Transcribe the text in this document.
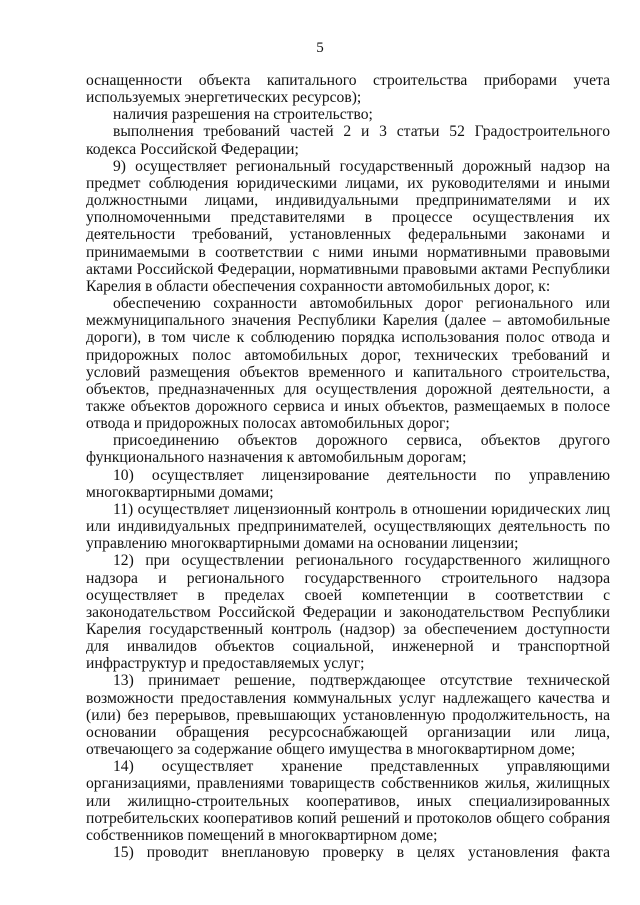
5

оснащенности объекта капитального строительства приборами учета используемых энергетических ресурсов);

наличия разрешения на строительство;

выполнения требований частей 2 и 3 статьи 52 Градостроительного кодекса Российской Федерации;

9) осуществляет региональный государственный дорожный надзор на предмет соблюдения юридическими лицами, их руководителями и иными должностными лицами, индивидуальными предпринимателями и их уполномоченными представителями в процессе осуществления их деятельности требований, установленных федеральными законами и принимаемыми в соответствии с ними иными нормативными правовыми актами Российской Федерации, нормативными правовыми актами Республики Карелия в области обеспечения сохранности автомобильных дорог, к:

обеспечению сохранности автомобильных дорог регионального или межмуниципального значения Республики Карелия (далее – автомобильные дороги), в том числе к соблюдению порядка использования полос отвода и придорожных полос автомобильных дорог, технических требований и условий размещения объектов временного и капитального строительства, объектов, предназначенных для осуществления дорожной деятельности, а также объектов дорожного сервиса и иных объектов, размещаемых в полосе отвода и придорожных полосах автомобильных дорог;

присоединению объектов дорожного сервиса, объектов другого функционального назначения к автомобильным дорогам;

10) осуществляет лицензирование деятельности по управлению многоквартирными домами;

11) осуществляет лицензионный контроль в отношении юридических лиц или индивидуальных предпринимателей, осуществляющих деятельность по управлению многоквартирными домами на основании лицензии;

12) при осуществлении регионального государственного жилищного надзора и регионального государственного строительного надзора осуществляет в пределах своей компетенции в соответствии с законодательством Российской Федерации и законодательством Республики Карелия государственный контроль (надзор) за обеспечением доступности для инвалидов объектов социальной, инженерной и транспортной инфраструктур и предоставляемых услуг;

13) принимает решение, подтверждающее отсутствие технической возможности предоставления коммунальных услуг надлежащего качества и (или) без перерывов, превышающих установленную продолжительность, на основании обращения ресурсоснабжающей организации или лица, отвечающего за содержание общего имущества в многоквартирном доме;

14) осуществляет хранение представленных управляющими организациями, правлениями товариществ собственников жилья, жилищных или жилищно-строительных кооперативов, иных специализированных потребительских кооперативов копий решений и протоколов общего собрания собственников помещений в многоквартирном доме;

15) проводит внеплановую проверку в целях установления факта
